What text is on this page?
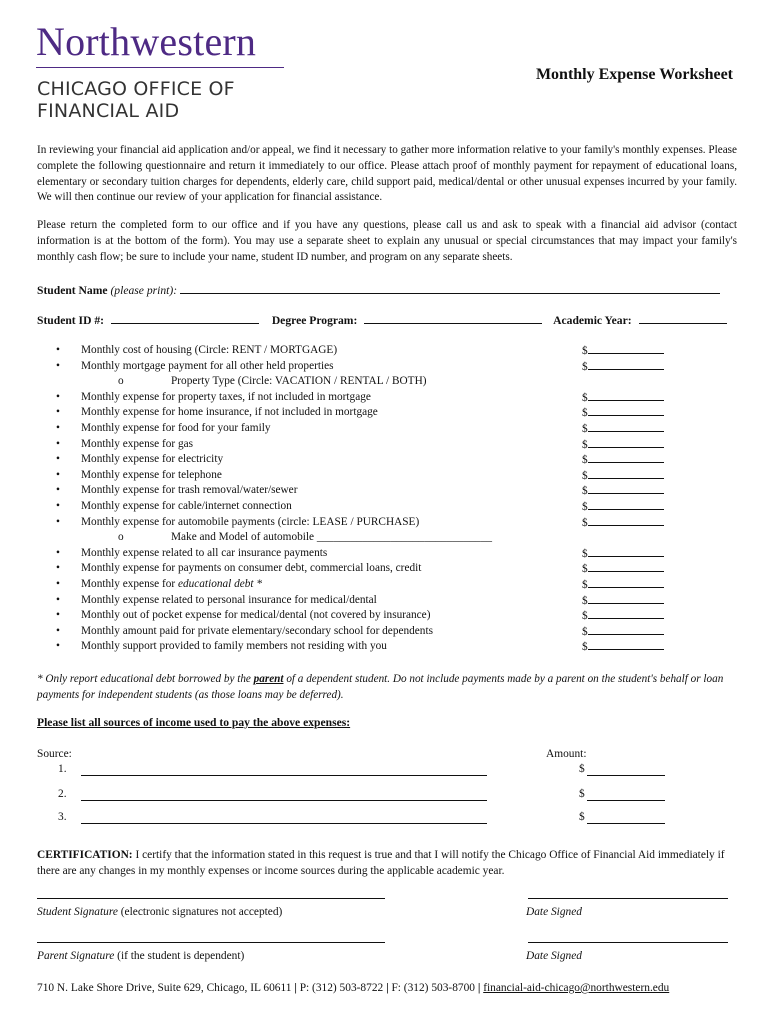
Northwestern
CHICAGO OFFICE OF
FINANCIAL AID
Monthly Expense Worksheet
In reviewing your financial aid application and/or appeal, we find it necessary to gather more information relative to your family's monthly expenses. Please complete the following questionnaire and return it immediately to our office. Please attach proof of monthly payment for repayment of educational loans, elementary or secondary tuition charges for dependents, elderly care, child support paid, medical/dental or other unusual expenses incurred by your family. We will then continue our review of your application for financial assistance.
Please return the completed form to our office and if you have any questions, please call us and ask to speak with a financial aid advisor (contact information is at the bottom of the form). You may use a separate sheet to explain any unusual or special circumstances that may impact your family's monthly cash flow; be sure to include your name, student ID number, and program on any separate sheets.
Student Name (please print):
Student ID #:	Degree Program:	Academic Year:
• Monthly cost of housing (Circle: RENT / MORTGAGE)	$
• Monthly mortgage payment for all other held properties	$
o	Property Type (Circle: VACATION / RENTAL / BOTH)
• Monthly expense for property taxes, if not included in mortgage	$
• Monthly expense for home insurance, if not included in mortgage	$
• Monthly expense for food for your family	$
• Monthly expense for gas	$
• Monthly expense for electricity	$
• Monthly expense for telephone	$
• Monthly expense for trash removal/water/sewer	$
• Monthly expense for cable/internet connection	$
• Monthly expense for automobile payments (circle: LEASE / PURCHASE)	$
o	Make and Model of automobile _______________________________
• Monthly expense related to all car insurance payments	$
• Monthly expense for payments on consumer debt, commercial loans, credit	$
• Monthly expense for educational debt *	$
• Monthly expense related to personal insurance for medical/dental	$
• Monthly out of pocket expense for medical/dental (not covered by insurance)	$
• Monthly amount paid for private elementary/secondary school for dependents	$
• Monthly support provided to family members not residing with you	$
* Only report educational debt borrowed by the parent of a dependent student. Do not include payments made by a parent on the student's behalf or loan payments for independent students (as those loans may be deferred).
Please list all sources of income used to pay the above expenses:
Source:	Amount:
1.	$
2.	$
3.	$
CERTIFICATION: I certify that the information stated in this request is true and that I will notify the Chicago Office of Financial Aid immediately if there are any changes in my monthly expenses or income sources during the applicable academic year.
Student Signature (electronic signatures not accepted)	Date Signed
Parent Signature (if the student is dependent)	Date Signed
710 N. Lake Shore Drive, Suite 629, Chicago, IL 60611 | P: (312) 503-8722 | F: (312) 503-8700 | financial-aid-chicago@northwestern.edu
